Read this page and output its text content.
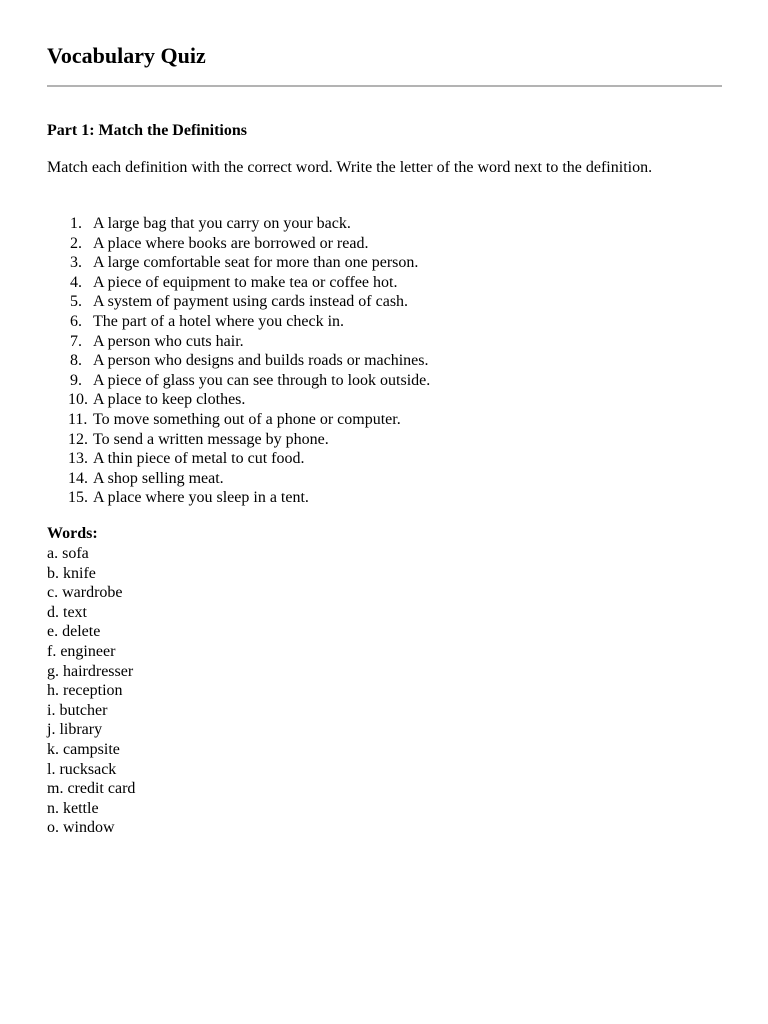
Vocabulary Quiz
Part 1: Match the Definitions

Match each definition with the correct word. Write the letter of the word next to the definition.

1. A large bag that you carry on your back.
2. A place where books are borrowed or read.
3. A large comfortable seat for more than one person.
4. A piece of equipment to make tea or coffee hot.
5. A system of payment using cards instead of cash.
6. The part of a hotel where you check in.
7. A person who cuts hair.
8. A person who designs and builds roads or machines.
9. A piece of glass you can see through to look outside.
10. A place to keep clothes.
11. To move something out of a phone or computer.
12. To send a written message by phone.
13. A thin piece of metal to cut food.
14. A shop selling meat.
15. A place where you sleep in a tent.
Words:
a. sofa
b. knife
c. wardrobe
d. text
e. delete
f. engineer
g. hairdresser
h. reception
i. butcher
j. library
k. campsite
l. rucksack
m. credit card
n. kettle
o. window
